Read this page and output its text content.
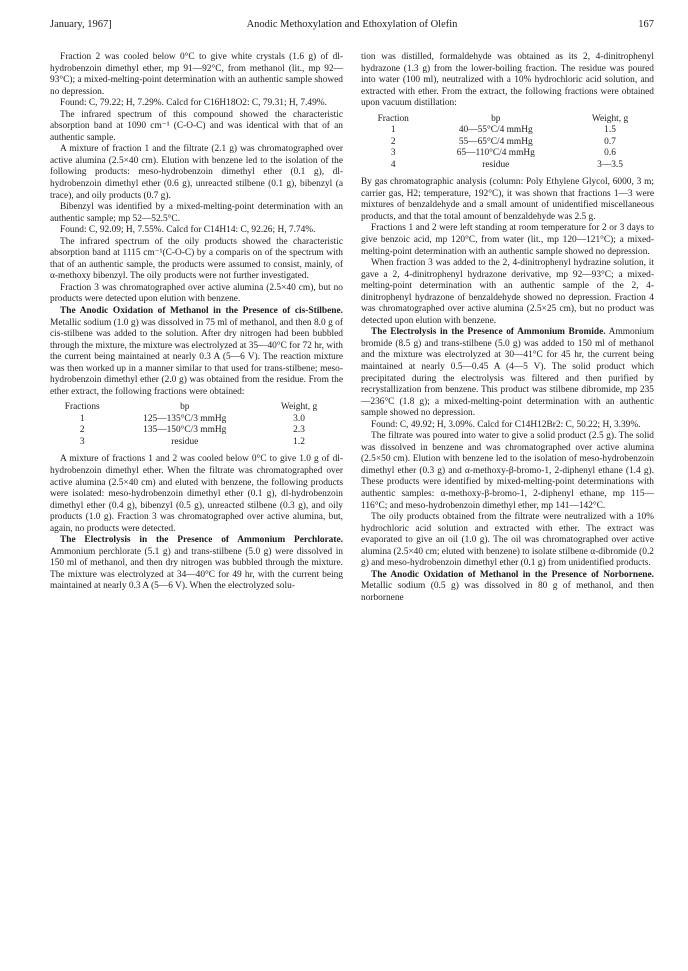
January, 1967]	Anodic Methoxylation and Ethoxylation of Olefin	167

Fraction 2 was cooled below 0°C to give white crystals (1.6 g) of dl-hydrobenzoin dimethyl ether, mp 91—92°C, from methanol (lit., mp 92—93°C); a mixed-melting-point determination with an authentic sample showed no depression.

Found: C, 79.22; H, 7.29%. Calcd for C16H18O2: C, 79.31; H, 7.49%.

The infrared spectrum of this compound showed the characteristic absorption band at 1090 cm⁻¹ (C-O-C) and was identical with that of an authentic sample.

A mixture of fraction 1 and the filtrate (2.1 g) was chromatographed over active alumina (2.5×40 cm). Elution with benzene led to the isolation of the following products: meso-hydrobenzoin dimethyl ether (0.1 g), dl-hydrobenzoin dimethyl ether (0.6 g), unreacted stilbene (0.1 g), bibenzyl (a trace), and oily products (0.7 g).

Bibenzyl was identified by a mixed-melting-point determination with an authentic sample; mp 52—52.5°C.

Found: C, 92.09; H, 7.55%. Calcd for C14H14: C, 92.26; H, 7.74%.

The infrared spectrum of the oily products showed the characteristic absorption band at 1115 cm⁻¹(C-O-C) by a comparis on of the spectrum with that of an authentic sample, the products were assumed to consist, mainly, of α-methoxy bibenzyl. The oily products were not further investigated.

Fraction 3 was chromatographed over active alumina (2.5×40 cm), but no products were detected upon elution with benzene.

The Anodic Oxidation of Methanol in the Presence of cis-Stilbene. Metallic sodium (1.0 g) was dissolved in 75 ml of methanol, and then 8.0 g of cis-stilbene was added to the solution. After dry nitrogen had been bubbled through the mixture, the mixture was electrolyzed at 35—40°C for 72 hr, with the current being maintained at nearly 0.3 A (5—6 V). The reaction mixture was then worked up in a manner similar to that used for trans-stilbene; meso-hydrobenzoin dimethyl ether (2.0 g) was obtained from the residue. From the ether extract, the following fractions were obtained:

Fractions	bp	Weight, g
1	125—135°C/3 mmHg	3.0
2	135—150°C/3 mmHg	2.3
3	residue	1.2

A mixture of fractions 1 and 2 was cooled below 0°C to give 1.0 g of dl-hydrobenzoin dimethyl ether. When the filtrate was chromatographed over active alumina (2.5×40 cm) and eluted with benzene, the following products were isolated: meso-hydrobenzoin dimethyl ether (0.1 g), dl-hydrobenzoin dimethyl ether (0.4 g), bibenzyl (0.5 g), unreacted stilbene (0.3 g), and oily products (1.0 g). Fraction 3 was chromatographed over active alumina, but, again, no products were detected.

The Electrolysis in the Presence of Ammonium Perchlorate. Ammonium perchlorate (5.1 g) and trans-stilbene (5.0 g) were dissolved in 150 ml of methanol, and then dry nitrogen was bubbled through the mixture. The mixture was electrolyzed at 34—40°C for 49 hr, with the current being maintained at nearly 0.3 A (5—6 V). When the electrolyzed solu-

tion was distilled, formaldehyde was obtained as its 2, 4-dinitrophenyl hydrazone (1.3 g) from the lower-boiling fraction. The residue was poured into water (100 ml), neutralized with a 10% hydrochloric acid solution, and extracted with ether. From the extract, the following fractions were obtained upon vacuum distillation:

Fraction	bp	Weight, g
1	40—55°C/4 mmHg	1.5
2	55—65°C/4 mmHg	0.7
3	65—110°C/4 mmHg	0.6
4	residue	3—3.5

By gas chromatographic analysis (column: Poly Ethylene Glycol, 6000, 3 m; carrier gas, H2; temperature, 192°C), it was shown that fractions 1—3 were mixtures of benzaldehyde and a small amount of unidentified miscellaneous products, and that the total amount of benzaldehyde was 2.5 g.

Fractions 1 and 2 were left standing at room temperature for 2 or 3 days to give benzoic acid, mp 120°C, from water (lit., mp 120—121°C); a mixed-melting-point determination with an authentic sample showed no depression.

When fraction 3 was added to the 2, 4-dinitrophenyl hydrazine solution, it gave a 2, 4-dinitrophenyl hydrazone derivative, mp 92—93°C; a mixed-melting-point determination with an authentic sample of the 2, 4-dinitrophenyl hydrazone of benzaldehyde showed no depression. Fraction 4 was chromatographed over active alumina (2.5×25 cm), but no product was detected upon elution with benzene.

The Electrolysis in the Presence of Ammonium Bromide. Ammonium bromide (8.5 g) and trans-stilbene (5.0 g) was added to 150 ml of methanol and the mixture was electrolyzed at 30—41°C for 45 hr, the current being maintained at nearly 0.5—0.45 A (4—5 V). The solid product which precipitated during the electrolysis was filtered and then purified by recrystallization from benzene. This product was stilbene dibromide, mp 235—236°C (1.8 g); a mixed-melting-point determination with an authentic sample showed no depression.

Found: C, 49.92; H, 3.09%. Calcd for C14H12Br2: C, 50.22; H, 3.39%.

The filtrate was poured into water to give a solid product (2.5 g). The solid was dissolved in benzene and was chromatographed over active alumina (2.5×50 cm). Elution with benzene led to the isolation of meso-hydrobenzoin dimethyl ether (0.3 g) and α-methoxy-β-bromo-1, 2-diphenyl ethane (1.4 g). These products were identified by mixed-melting-point determinations with authentic samples: α-methoxy-β-bromo-1, 2-diphenyl ethane, mp 115—116°C; and meso-hydrobenzoin dimethyl ether, mp 141—142°C.

The oily products obtained from the filtrate were neutralized with a 10% hydrochloric acid solution and extracted with ether. The extract was evaporated to give an oil (1.0 g). The oil was chromatographed over active alumina (2.5×40 cm; eluted with benzene) to isolate stilbene α-dibromide (0.2 g) and meso-hydrobenzoin dimethyl ether (0.1 g) from unidentified products.

The Anodic Oxidation of Methanol in the Presence of Norbornene. Metallic sodium (0.5 g) was dissolved in 80 g of methanol, and then norbornene
